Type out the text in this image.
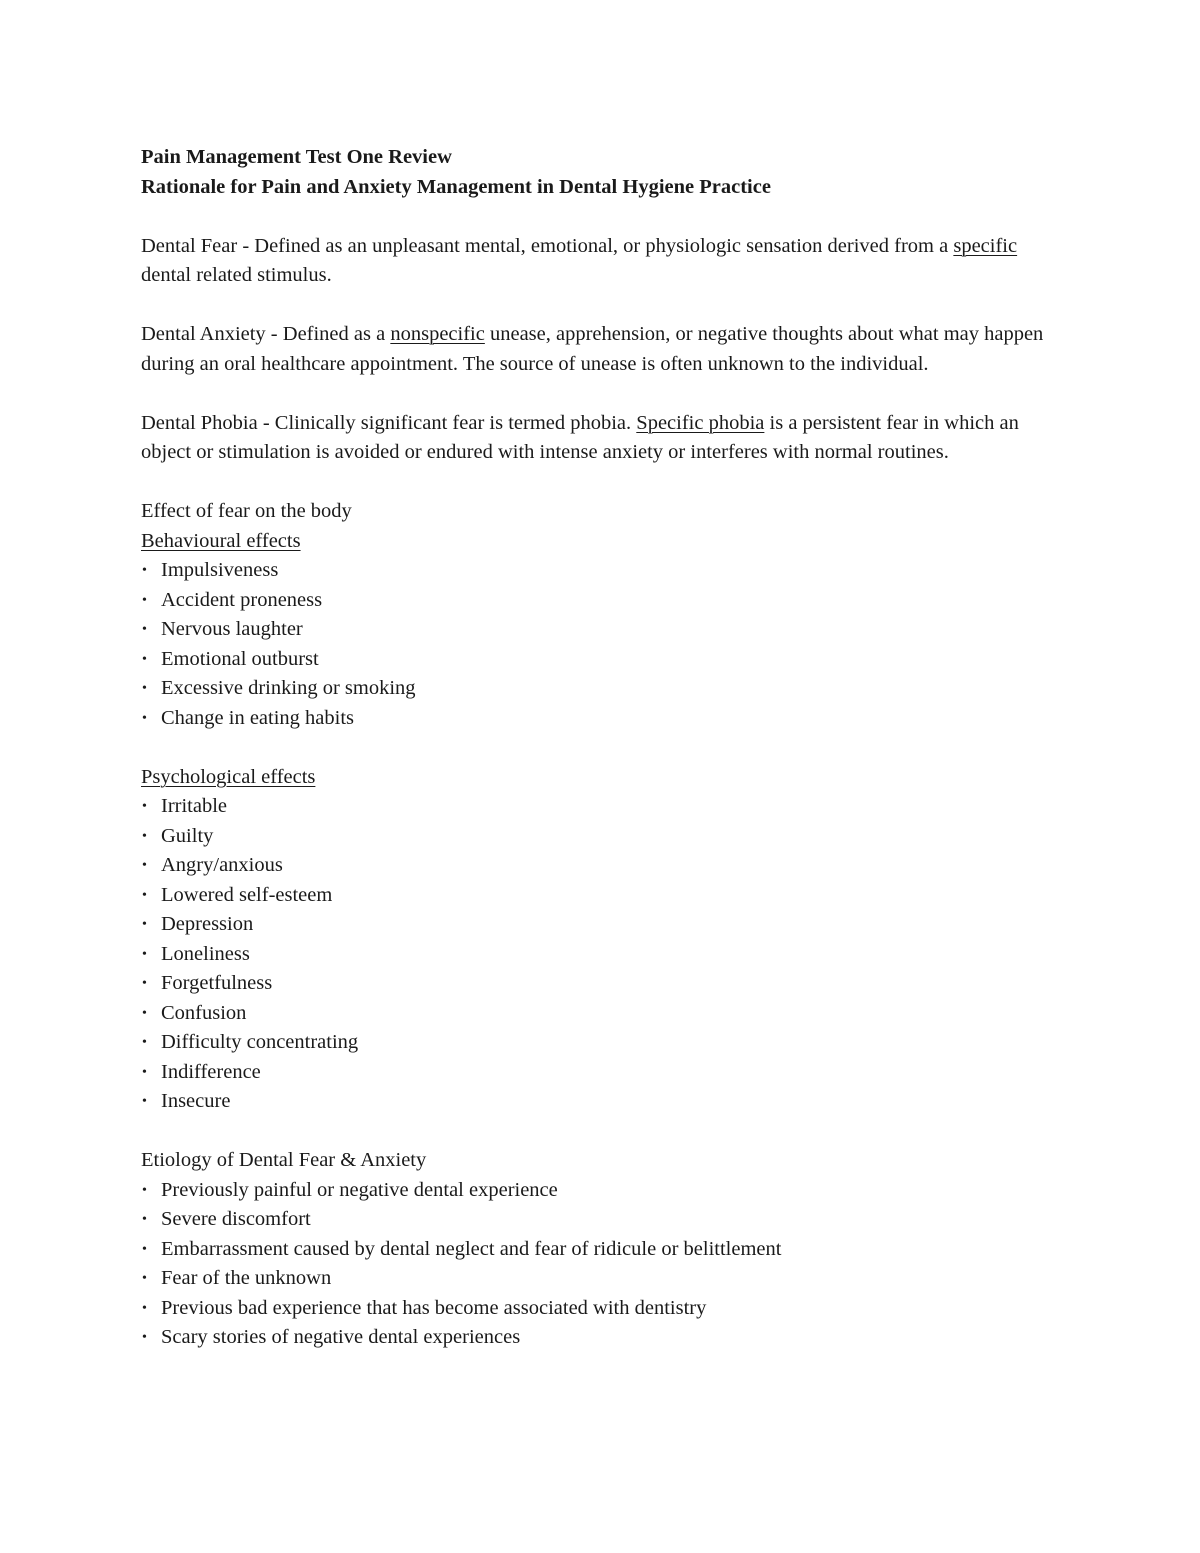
Pain Management Test One Review

Rationale for Pain and Anxiety Management in Dental Hygiene Practice

Dental Fear - Defined as an unpleasant mental, emotional, or physiologic sensation derived from a specific dental related stimulus.

Dental Anxiety - Defined as a nonspecific unease, apprehension, or negative thoughts about what may happen during an oral healthcare appointment. The source of unease is often unknown to the individual.

Dental Phobia - Clinically significant fear is termed phobia. Specific phobia is a persistent fear in which an object or stimulation is avoided or endured with intense anxiety or interferes with normal routines.

Effect of fear on the body

Behavioural effects

• Impulsiveness
• Accident proneness
• Nervous laughter
• Emotional outburst
• Excessive drinking or smoking
• Change in eating habits

Psychological effects

• Irritable
• Guilty
• Angry/anxious
• Lowered self-esteem
• Depression
• Loneliness
• Forgetfulness
• Confusion
• Difficulty concentrating
• Indifference
• Insecure

Etiology of Dental Fear & Anxiety

• Previously painful or negative dental experience
• Severe discomfort
• Embarrassment caused by dental neglect and fear of ridicule or belittlement
• Fear of the unknown
• Previous bad experience that has become associated with dentistry
• Scary stories of negative dental experiences
